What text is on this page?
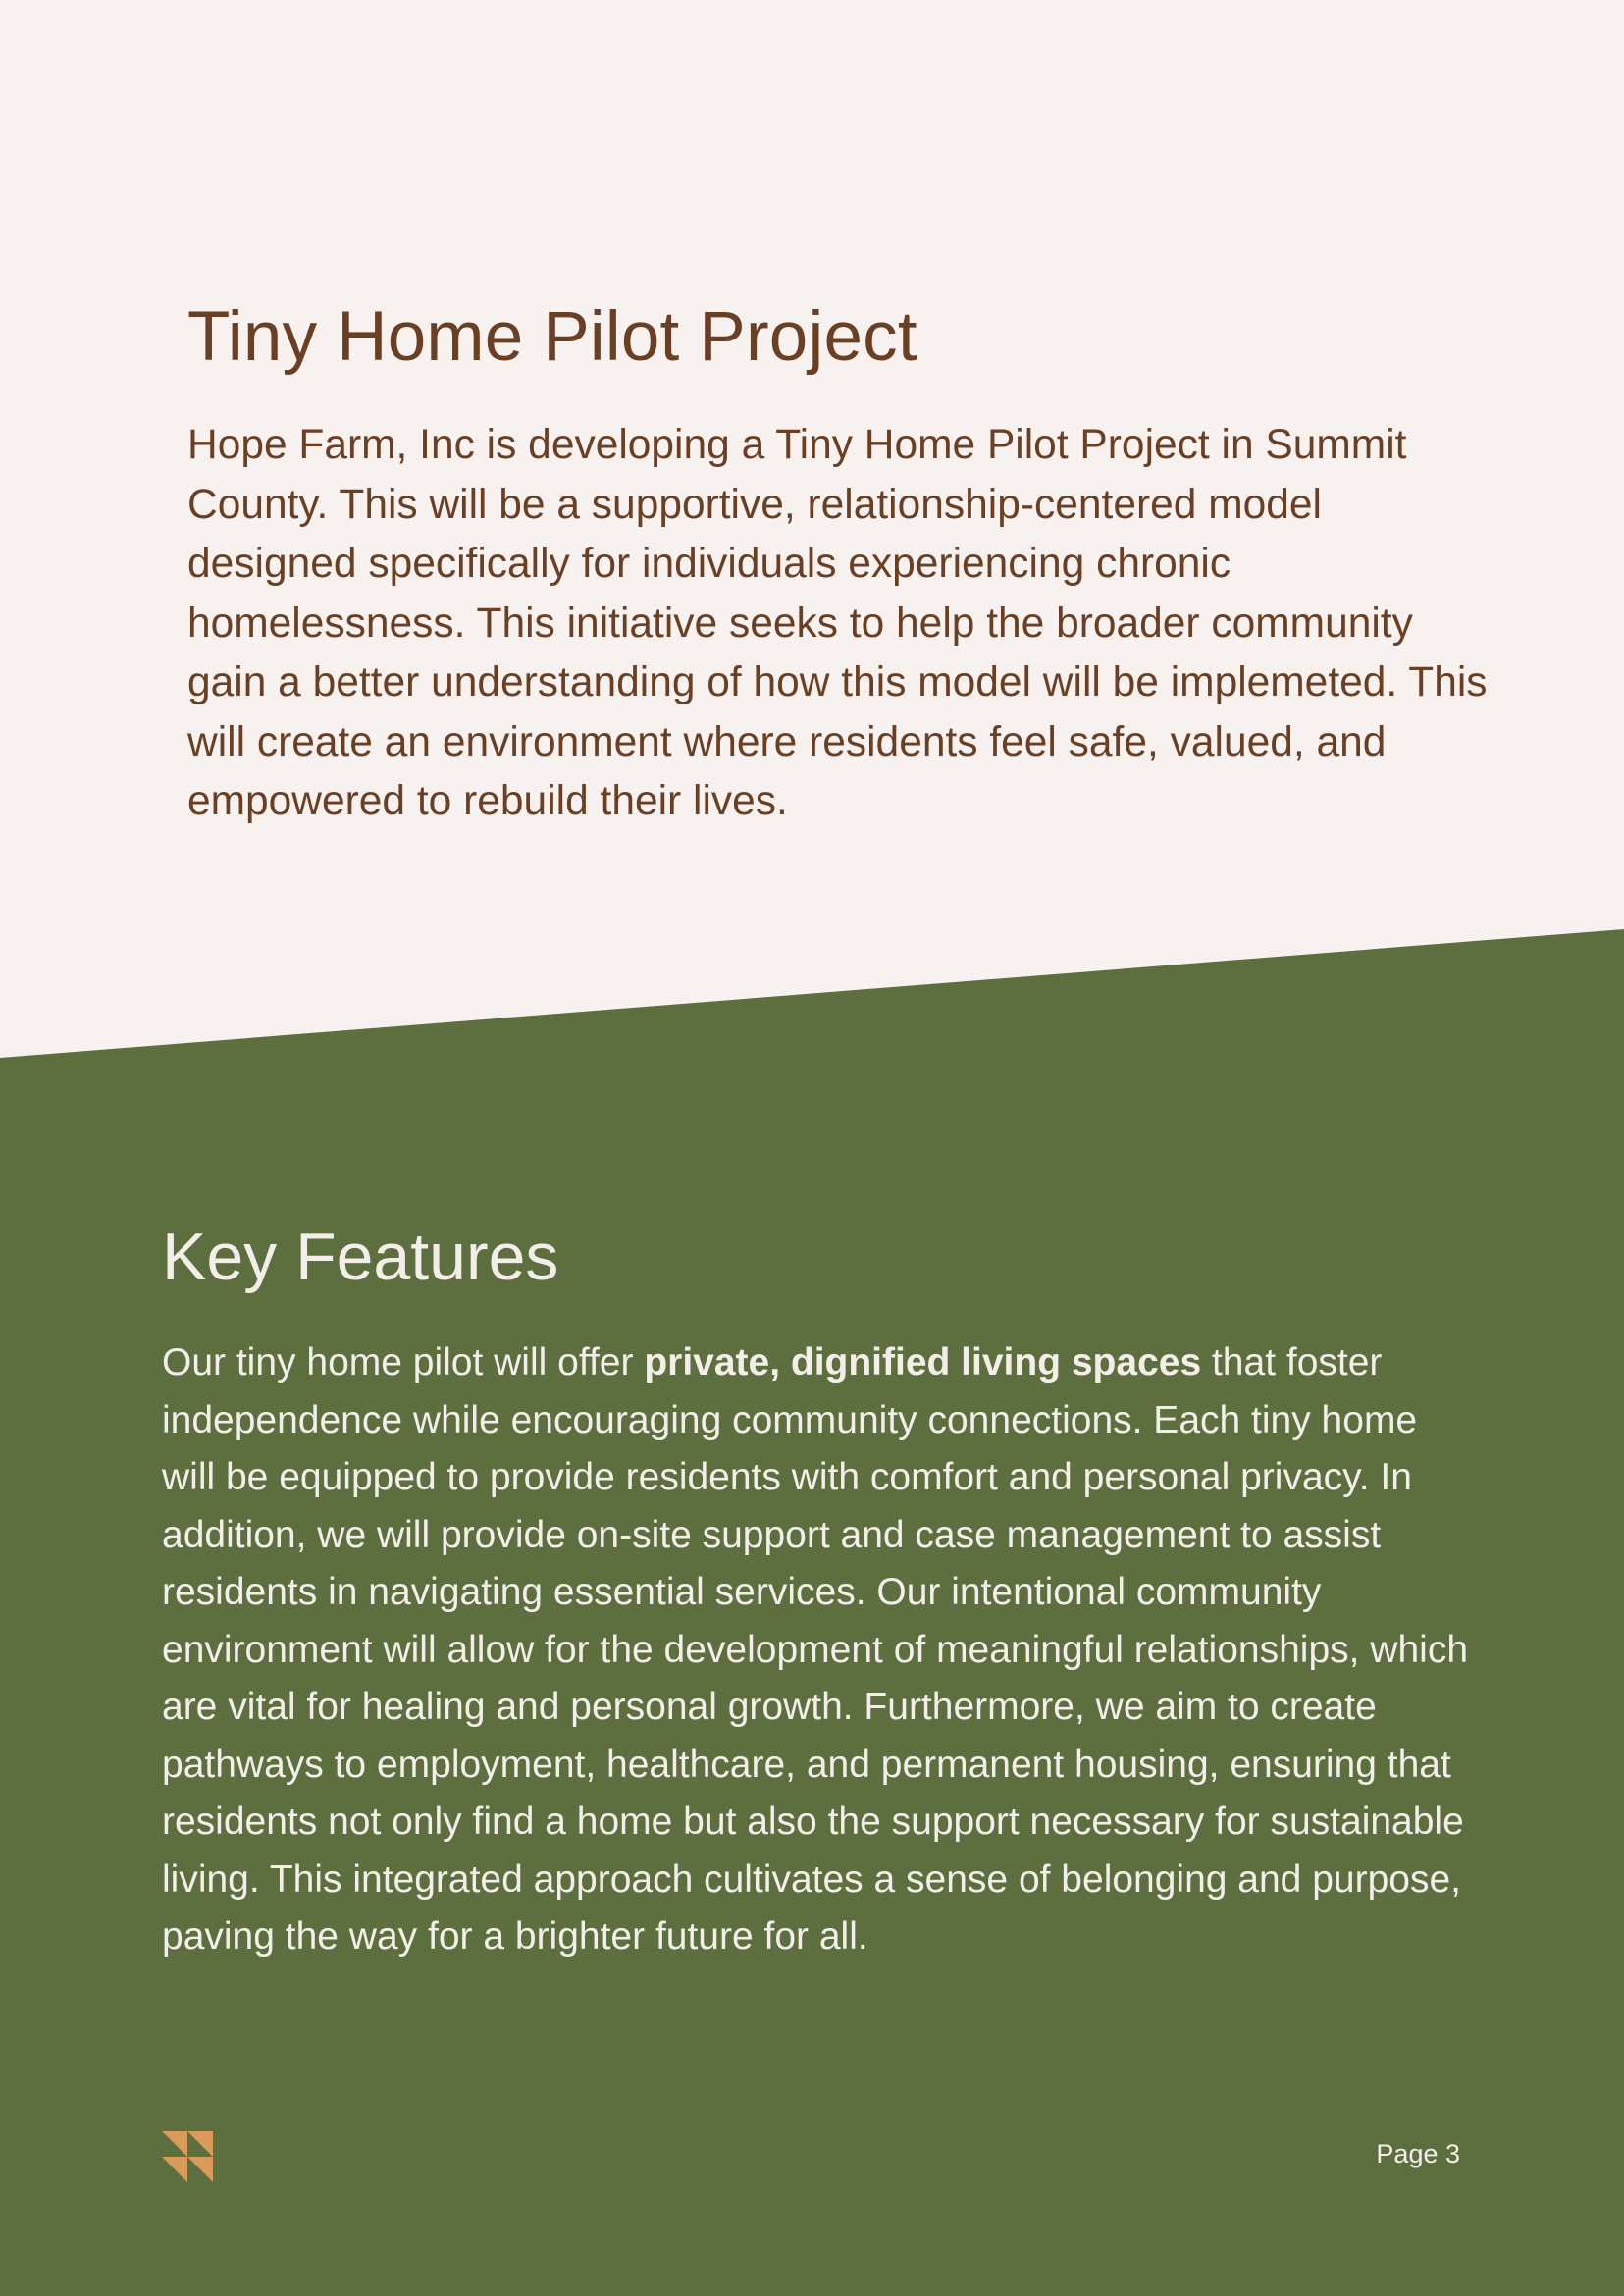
Tiny Home Pilot Project

Hope Farm, Inc is developing a Tiny Home Pilot Project in Summit County. This will be a supportive, relationship-centered model designed specifically for individuals experiencing chronic homelessness. This initiative seeks to help the broader community gain a better understanding of how this model will be implemeted. This will create an environment where residents feel safe, valued, and empowered to rebuild their lives.

Key Features

Our tiny home pilot will offer private, dignified living spaces that foster independence while encouraging community connections. Each tiny home will be equipped to provide residents with comfort and personal privacy. In addition, we will provide on-site support and case management to assist residents in navigating essential services. Our intentional community environment will allow for the development of meaningful relationships, which are vital for healing and personal growth. Furthermore, we aim to create pathways to employment, healthcare, and permanent housing, ensuring that residents not only find a home but also the support necessary for sustainable living. This integrated approach cultivates a sense of belonging and purpose, paving the way for a brighter future for all.

Page 3
